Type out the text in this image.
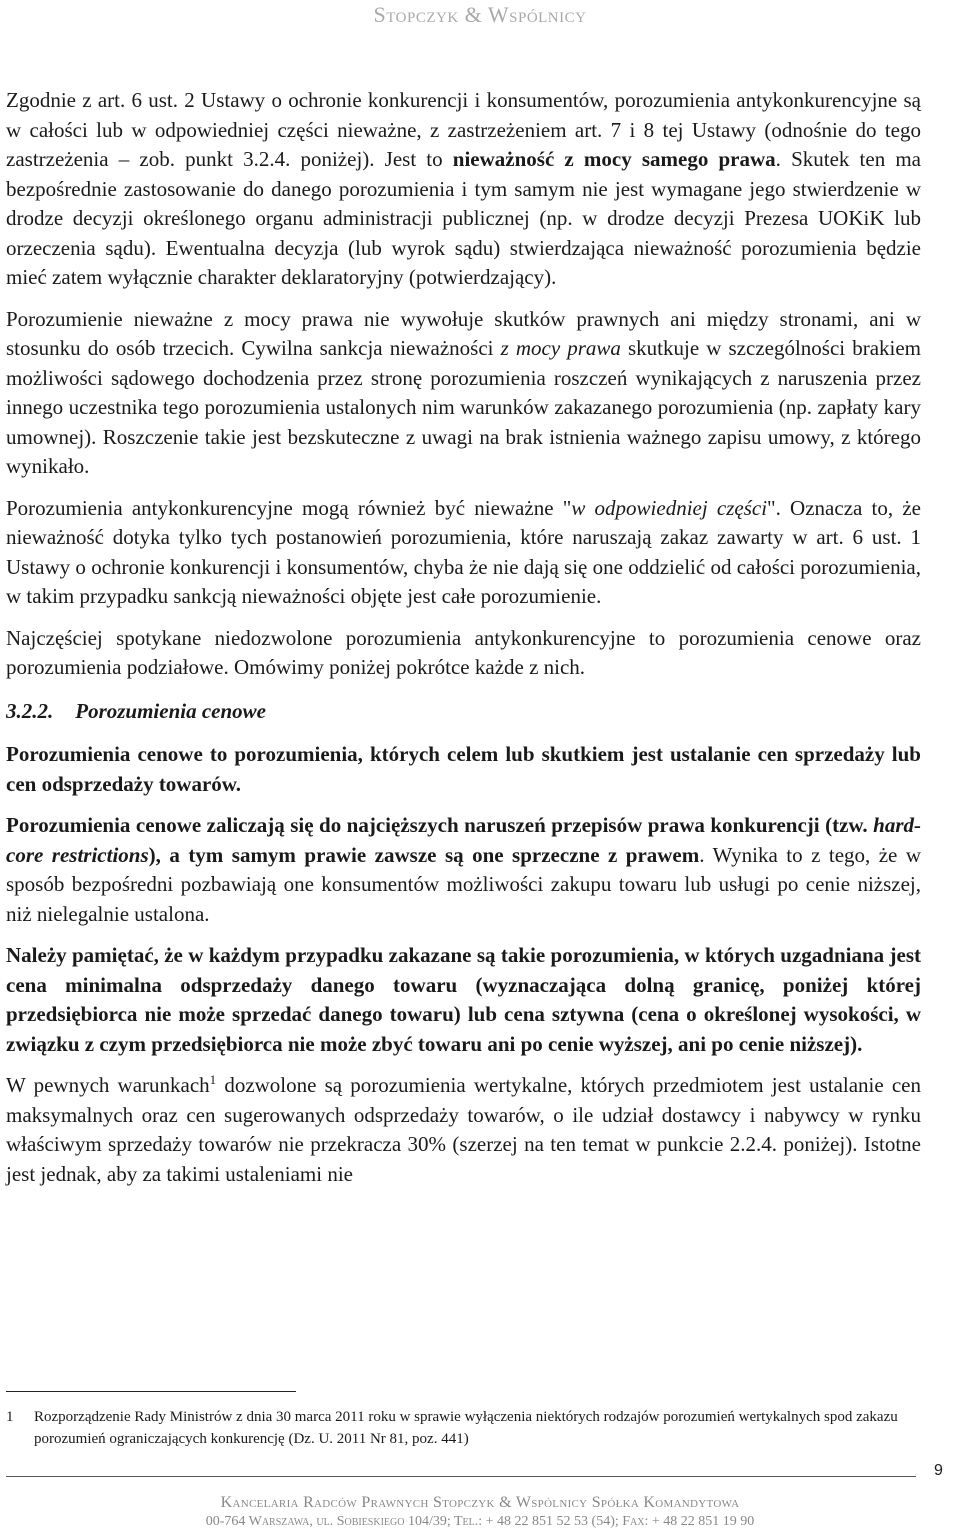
Stopczyk & Wspólnicy

Zgodnie z art. 6 ust. 2 Ustawy o ochronie konkurencji i konsumentów, porozumienia antykonkurencyjne są w całości lub w odpowiedniej części nieważne, z zastrzeżeniem art. 7 i 8 tej Ustawy (odnośnie do tego zastrzeżenia – zob. punkt 3.2.4. poniżej). Jest to nieważność z mocy samego prawa. Skutek ten ma bezpośrednie zastosowanie do danego porozumienia i tym samym nie jest wymagane jego stwierdzenie w drodze decyzji określonego organu administracji publicznej (np. w drodze decyzji Prezesa UOKiK lub orzeczenia sądu). Ewentualna decyzja (lub wyrok sądu) stwierdzająca nieważność porozumienia będzie mieć zatem wyłącznie charakter deklaratoryjny (potwierdzający).

Porozumienie nieważne z mocy prawa nie wywołuje skutków prawnych ani między stronami, ani w stosunku do osób trzecich. Cywilna sankcja nieważności z mocy prawa skutkuje w szczególności brakiem możliwości sądowego dochodzenia przez stronę porozumienia roszczeń wynikających z naruszenia przez innego uczestnika tego porozumienia ustalonych nim warunków zakazanego porozumienia (np. zapłaty kary umownej). Roszczenie takie jest bezskuteczne z uwagi na brak istnienia ważnego zapisu umowy, z którego wynikało.

Porozumienia antykonkurencyjne mogą również być nieważne "w odpowiedniej części". Oznacza to, że nieważność dotyka tylko tych postanowień porozumienia, które naruszają zakaz zawarty w art. 6 ust. 1 Ustawy o ochronie konkurencji i konsumentów, chyba że nie dają się one oddzielić od całości porozumienia, w takim przypadku sankcją nieważności objęte jest całe porozumienie.

Najczęściej spotykane niedozwolone porozumienia antykonkurencyjne to porozumienia cenowe oraz porozumienia podziałowe. Omówimy poniżej pokrótce każde z nich.

3.2.2. Porozumienia cenowe

Porozumienia cenowe to porozumienia, których celem lub skutkiem jest ustalanie cen sprzedaży lub cen odsprzedaży towarów.

Porozumienia cenowe zaliczają się do najcięższych naruszeń przepisów prawa konkurencji (tzw. hard-core restrictions), a tym samym prawie zawsze są one sprzeczne z prawem. Wynika to z tego, że w sposób bezpośredni pozbawiają one konsumentów możliwości zakupu towaru lub usługi po cenie niższej, niż nielegalnie ustalona.

Należy pamiętać, że w każdym przypadku zakazane są takie porozumienia, w których uzgadniana jest cena minimalna odsprzedaży danego towaru (wyznaczająca dolną granicę, poniżej której przedsiębiorca nie może sprzedać danego towaru) lub cena sztywna (cena o określonej wysokości, w związku z czym przedsiębiorca nie może zbyć towaru ani po cenie wyższej, ani po cenie niższej).

W pewnych warunkach$^1$ dozwolone są porozumienia wertykalne, których przedmiotem jest ustalanie cen maksymalnych oraz cen sugerowanych odsprzedaży towarów, o ile udział dostawcy i nabywcy w rynku właściwym sprzedaży towarów nie przekracza 30% (szerzej na ten temat w punkcie 2.2.4. poniżej). Istotne jest jednak, aby za takimi ustaleniami nie

1 Rozporządzenie Rady Ministrów z dnia 30 marca 2011 roku w sprawie wyłączenia niektórych rodzajów porozumień wertykalnych spod zakazu porozumień ograniczających konkurencję (Dz. U. 2011 Nr 81, poz. 441)
9
Kancelaria Radców Prawnych Stopczyk & Wspólnicy Spółka Komandytowa
00-764 Warszawa, ul. Sobieskiego 104/39; Tel.: + 48 22 851 52 53 (54); Fax: + 48 22 851 19 90
